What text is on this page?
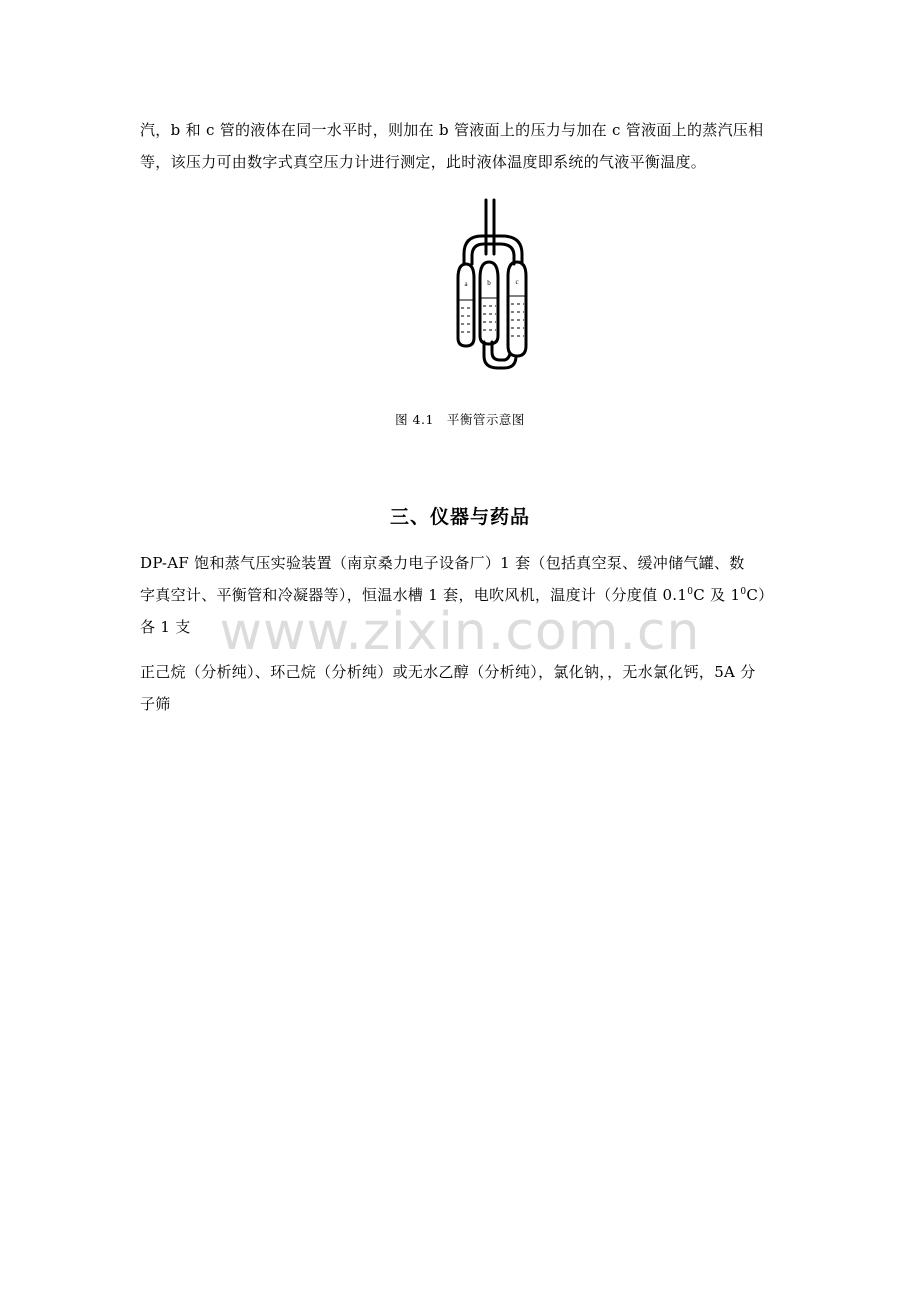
www.zixin.com.cn

汽，b 和 c 管的液体在同一水平时，则加在 b 管液面上的压力与加在 c 管液面上的蒸汽压相
等，该压力可由数字式真空压力计进行测定，此时液体温度即系统的气液平衡温度。

a	b	c
图 4.1　平衡管示意图
三、仪器与药品

DP-AF 饱和蒸气压实验装置（南京桑力电子设备厂）1 套（包括真空泵、缓冲储气罐、数
字真空计、平衡管和冷凝器等），恒温水槽 1 套，电吹风机，温度计（分度值 $0.1^0C$ 及 $1^0C$）
各 1 支

正己烷（分析纯）、环己烷（分析纯）或无水乙醇（分析纯），氯化钠，，无水氯化钙，5A 分
子筛
